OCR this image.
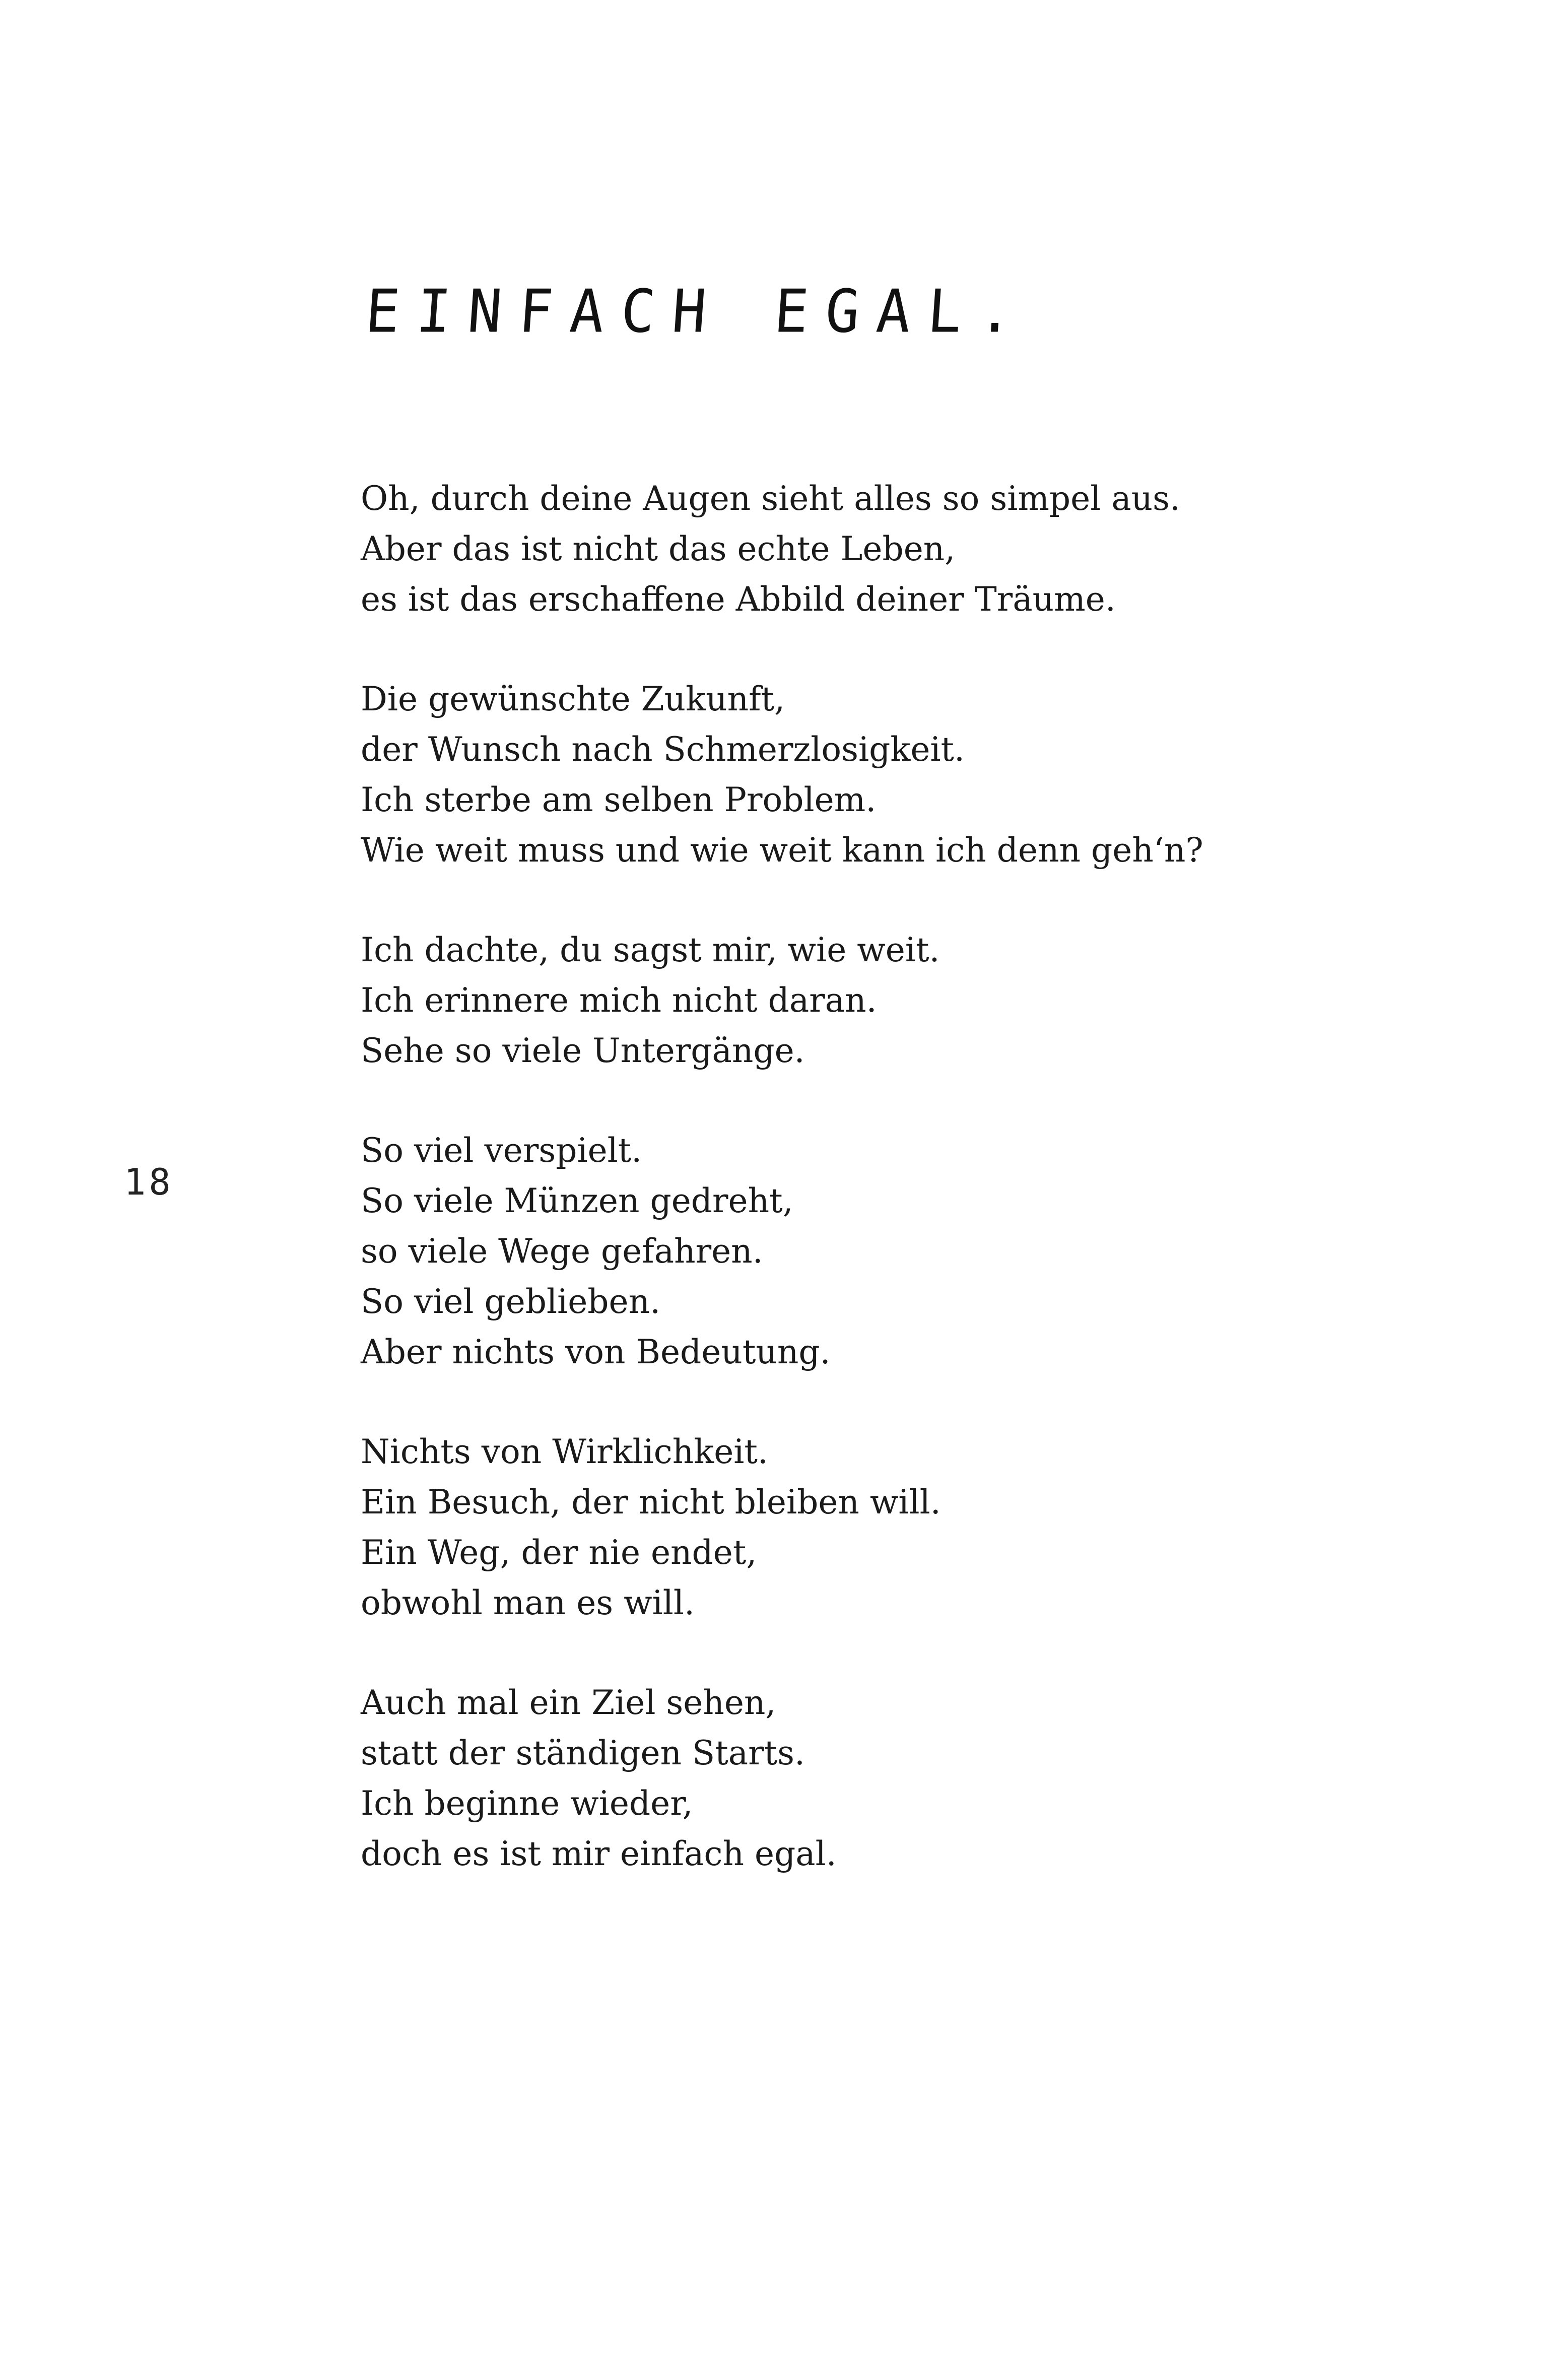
EINFACH EGAL.
18

Oh, durch deine Augen sieht alles so simpel aus.
Aber das ist nicht das echte Leben,
es ist das erschaffene Abbild deiner Träume.

Die gewünschte Zukunft,
der Wunsch nach Schmerzlosigkeit.
Ich sterbe am selben Problem.
Wie weit muss und wie weit kann ich denn geh‘n?

Ich dachte, du sagst mir, wie weit.
Ich erinnere mich nicht daran.
Sehe so viele Untergänge.

So viel verspielt.
So viele Münzen gedreht,
so viele Wege gefahren.
So viel geblieben.
Aber nichts von Bedeutung.

Nichts von Wirklichkeit.
Ein Besuch, der nicht bleiben will.
Ein Weg, der nie endet,
obwohl man es will.

Auch mal ein Ziel sehen,
statt der ständigen Starts.
Ich beginne wieder,
doch es ist mir einfach egal.
